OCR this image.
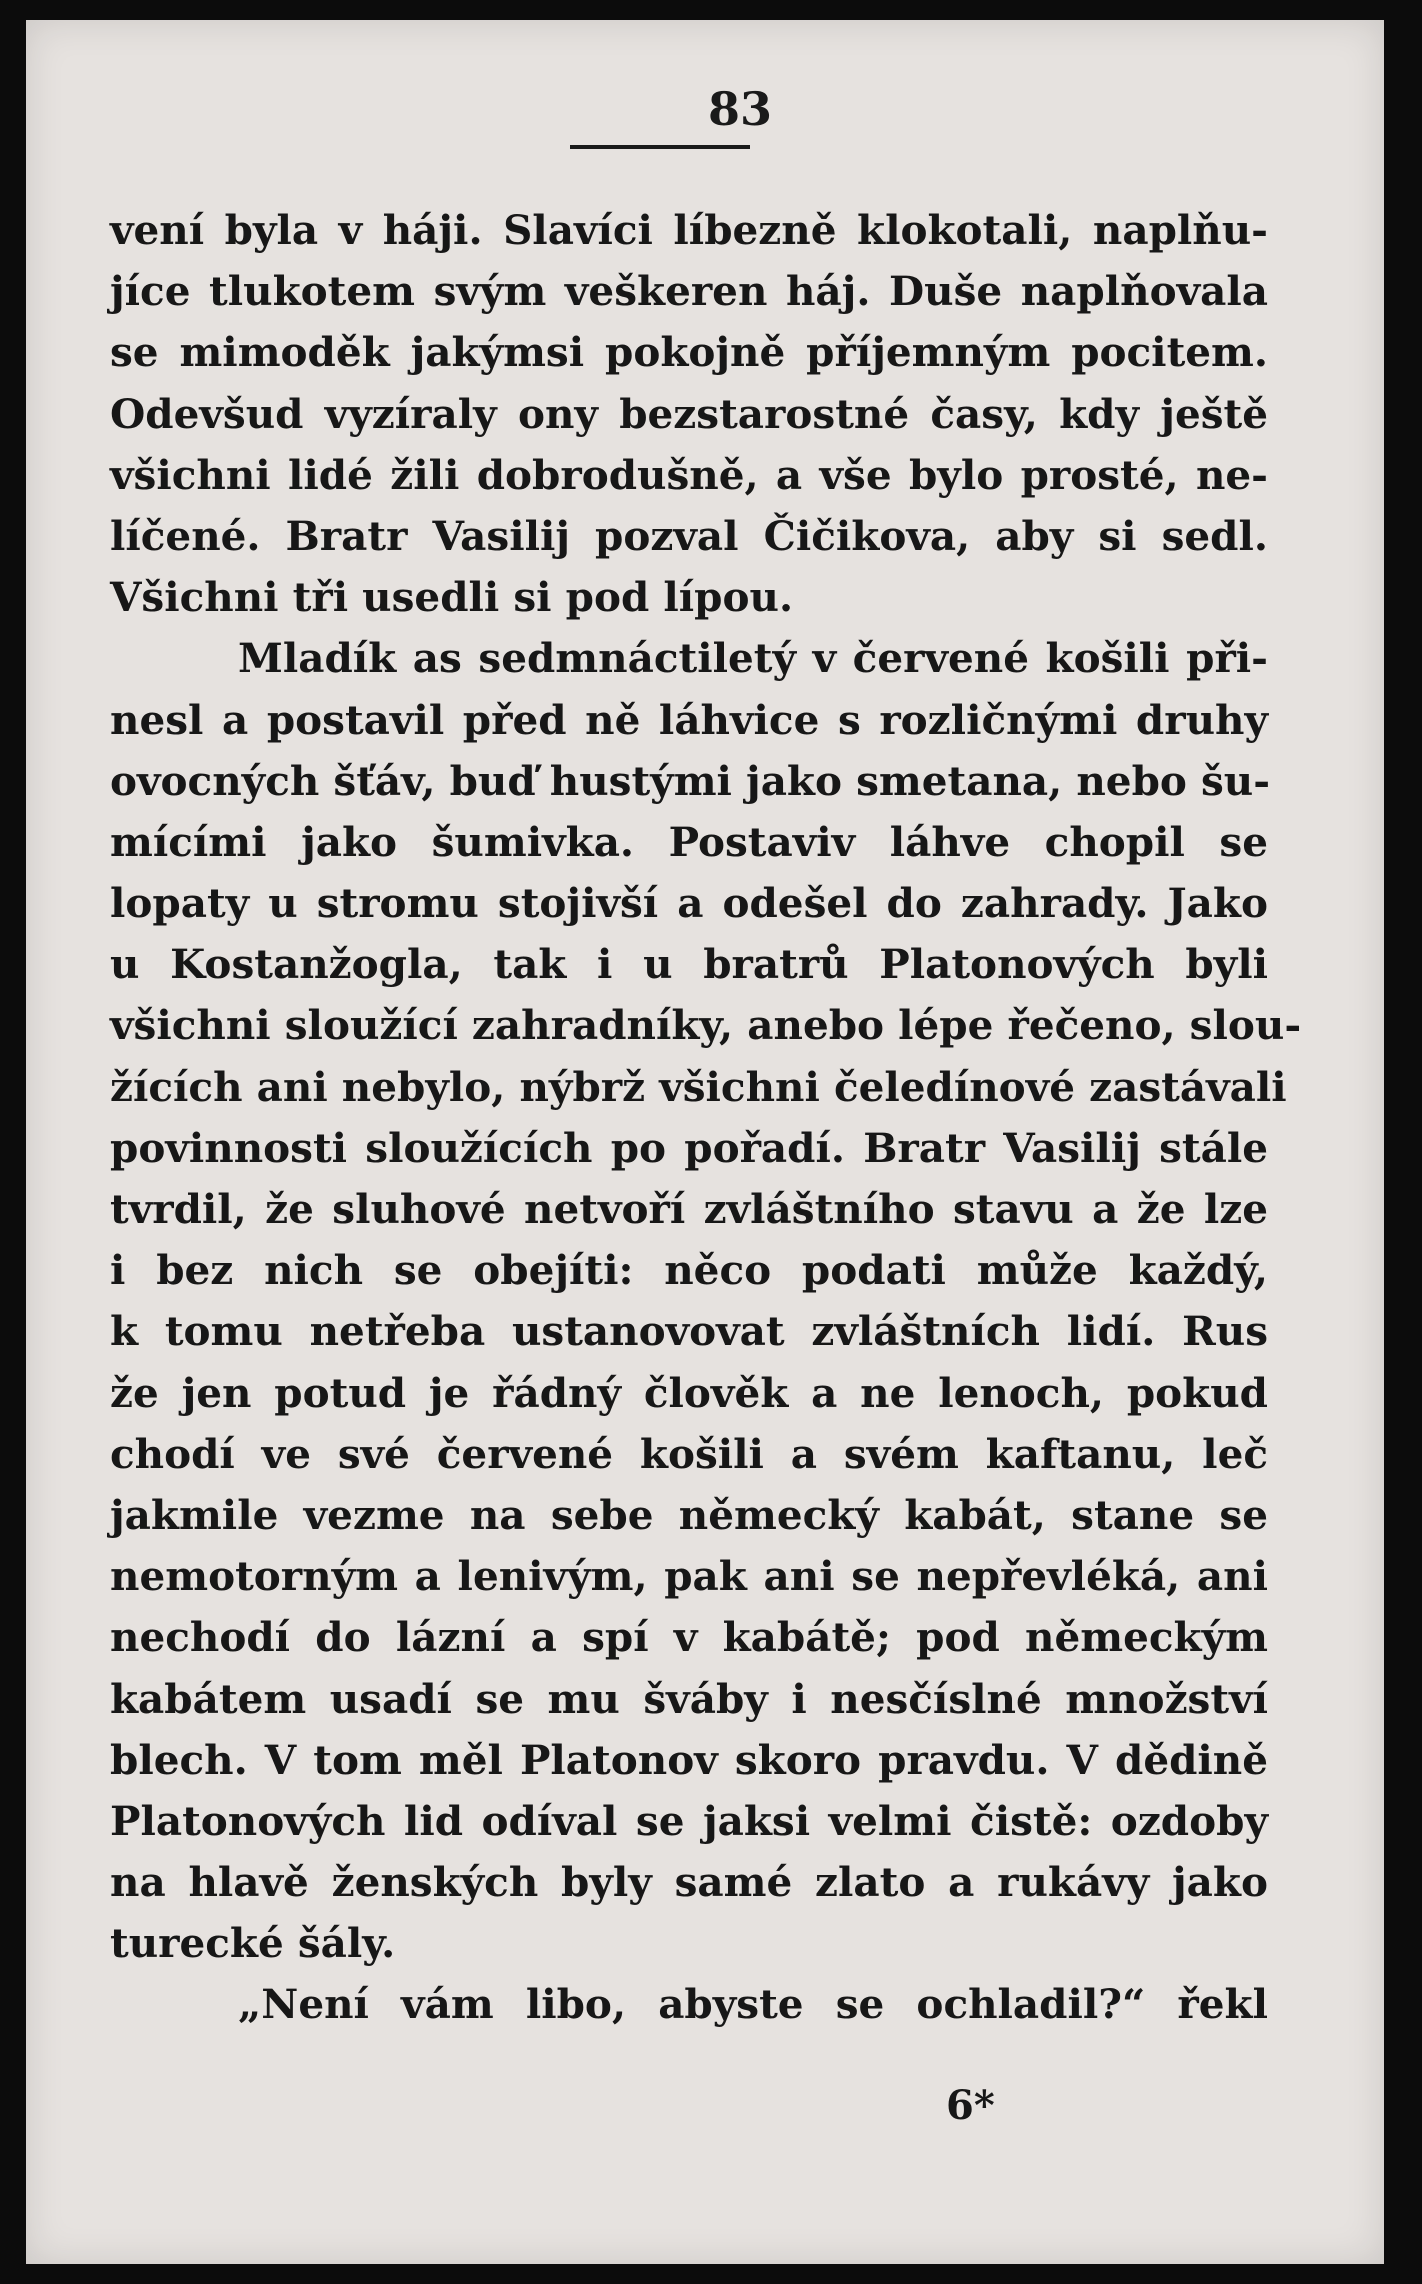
83
vení byla v háji. Slavíci líbezně klokotali, naplňu-
jíce tlukotem svým veškeren háj. Duše naplňovala
se mimoděk jakýmsi pokojně příjemným pocitem.
Odevšud vyzíraly ony bezstarostné časy, kdy ještě
všichni lidé žili dobrodušně, a vše bylo prosté, ne-
líčené. Bratr Vasilij pozval Čičikova, aby si sedl.
Všichni tři usedli si pod lípou.
Mladík as sedmnáctiletý v červené košili při-
nesl a postavil před ně láhvice s rozličnými druhy
ovocných šťáv, buď hustými jako smetana, nebo šu-
mícími jako šumivka. Postaviv láhve chopil se
lopaty u stromu stojivší a odešel do zahrady. Jako
u Kostanžogla, tak i u bratrů Platonových byli
všichni sloužící zahradníky, anebo lépe řečeno, slou-
žících ani nebylo, nýbrž všichni čeledínové zastávali
povinnosti sloužících po pořadí. Bratr Vasilij stále
tvrdil, že sluhové netvoří zvláštního stavu a že lze
i bez nich se obejíti: něco podati může každý,
k tomu netřeba ustanovovat zvláštních lidí. Rus
že jen potud je řádný člověk a ne lenoch, pokud
chodí ve své červené košili a svém kaftanu, leč
jakmile vezme na sebe německý kabát, stane se
nemotorným a lenivým, pak ani se nepřevléká, ani
nechodí do lázní a spí v kabátě; pod německým
kabátem usadí se mu šváby i nesčíslné množství
blech. V tom měl Platonov skoro pravdu. V dědině
Platonových lid odíval se jaksi velmi čistě: ozdoby
na hlavě ženských byly samé zlato a rukávy jako
turecké šály.
„Není vám libo, abyste se ochladil?“ řekl
6*
